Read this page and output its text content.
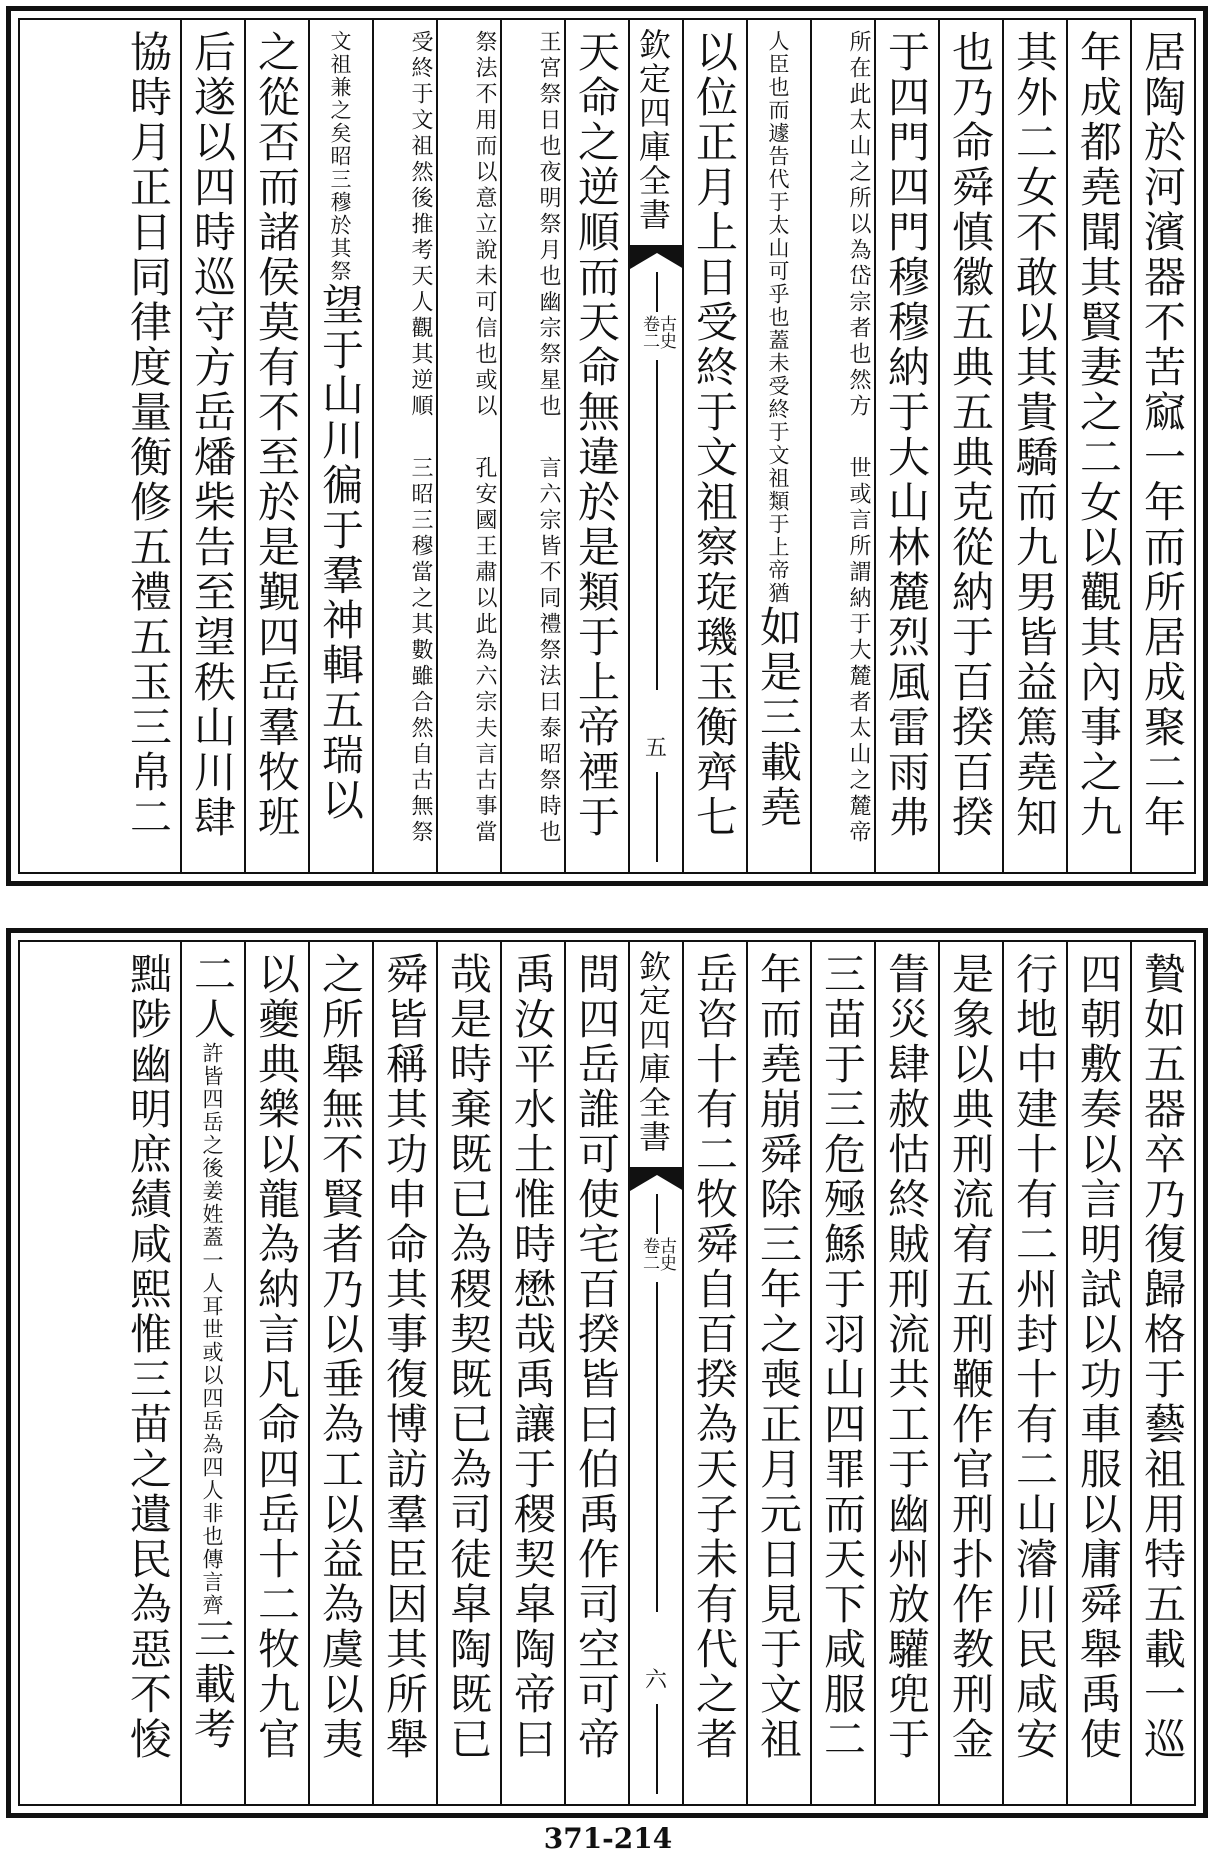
居陶於河濱器不苦窳一年而所居成聚二年
年成都堯聞其賢妻之二女以觀其內事之九
其外二女不敢以其貴驕而九男皆益篤堯知
也乃命舜慎徽五典五典克從納于百揆百揆
于四門四門穆穆納于大山林麓烈風雷雨弗
世或言所謂納于大麓者太山之麓帝
所在此太山之所以為岱宗者也然方
也蓋未受終于文祖類于上帝猶
人臣也而遽告代于太山可乎
如是三載堯
以位正月上日受終于文祖察琁璣玉衡齊七
欽定四庫全書
古史
卷二
五
天命之逆順而天命無違於是類于上帝禋于
言六宗皆不同禮祭法曰泰昭祭時也
王宮祭日也夜明祭月也幽宗祭星也
孔安國王肅以此為六宗夫言古事當
祭法不用而以意立說未可信也或以
三昭三穆當之其數雖合然自古無祭
受終于文祖然後推考天人觀其逆順
昭三穆於其祭
文祖兼之矣
望于山川徧于羣神輯五瑞以
之從否而諸侯莫有不至於是覲四岳羣牧班
后遂以四時巡守方岳燔柴告至望秩山川肆
協時月正日同律度量衡修五禮五玉三帛二
贄如五器卒乃復歸格于藝祖用特五載一巡
四朝敷奏以言明試以功車服以庸舜舉禹使
行地中建十有二州封十有二山濬川民咸安
是象以典刑流宥五刑鞭作官刑扑作教刑金
眚災肆赦怙終賊刑流共工于幽州放驩兜于
三苗于三危殛鯀于羽山四罪而天下咸服二
年而堯崩舜除三年之喪正月元日見于文祖
岳咨十有二牧舜自百揆為天子未有代之者
欽定四庫全書
古史
卷二
六
問四岳誰可使宅百揆皆曰伯禹作司空可帝
禹汝平水土惟時懋哉禹讓于稷契皐陶帝曰
哉是時棄既已為稷契既已為司徒皐陶既已
舜皆稱其功申命其事復博訪羣臣因其所舉
之所舉無不賢者乃以垂為工以益為虞以夷
以夔典樂以龍為納言凡命四岳十二牧九官
二人
世或以四岳為四人非也傳言齊
許皆四岳之後姜姓蓋一人耳
三載考
黜陟幽明庶績咸熙惟三苗之遺民為惡不悛
371-214
